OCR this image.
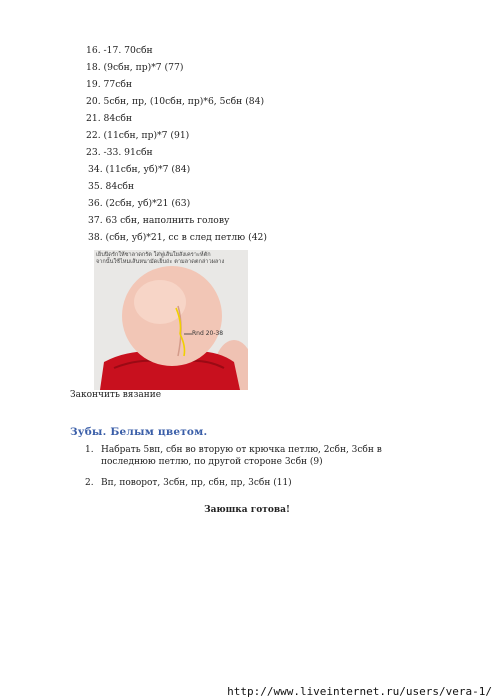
16. -17. 70сбн
18. (9сбн, пр)*7 (77)
19. 77сбн
20. 5сбн, пр, (10сбн, пр)*6, 5сбн (84)
21. 84сбн
22. (11сбн, пр)*7 (91)
23. -33. 91сбн
34. (11сбн, уб)*7 (84)
35. 84сбн
36. (2сбн, уб)*21 (63)
37. 63 сбн, наполнить голову
38. (сбн, уб)*21, сс в след петлю (42)
เย็บปิดรักให้ซาลาดกรัต ใส่ฟูเส้นใยสังเคราะห์ตัก
จากนั้นใช้ไหมเส้นหนามัดเย็บถ่ะ ตามลาดตกล่าวผลาง
Rnd 20-38
Закончить вязание
Зубы. Белым цветом.
1. Набрать 5вп, сбн во вторую от крючка петлю, 2сбн, 3сбн в последнюю петлю, по другой стороне 3сбн (9)
2. Вп, поворот, 3сбн, пр, сбн, пр, 3сбн (11)
Заюшка готова!
http://www.liveinternet.ru/users/vera-1/
